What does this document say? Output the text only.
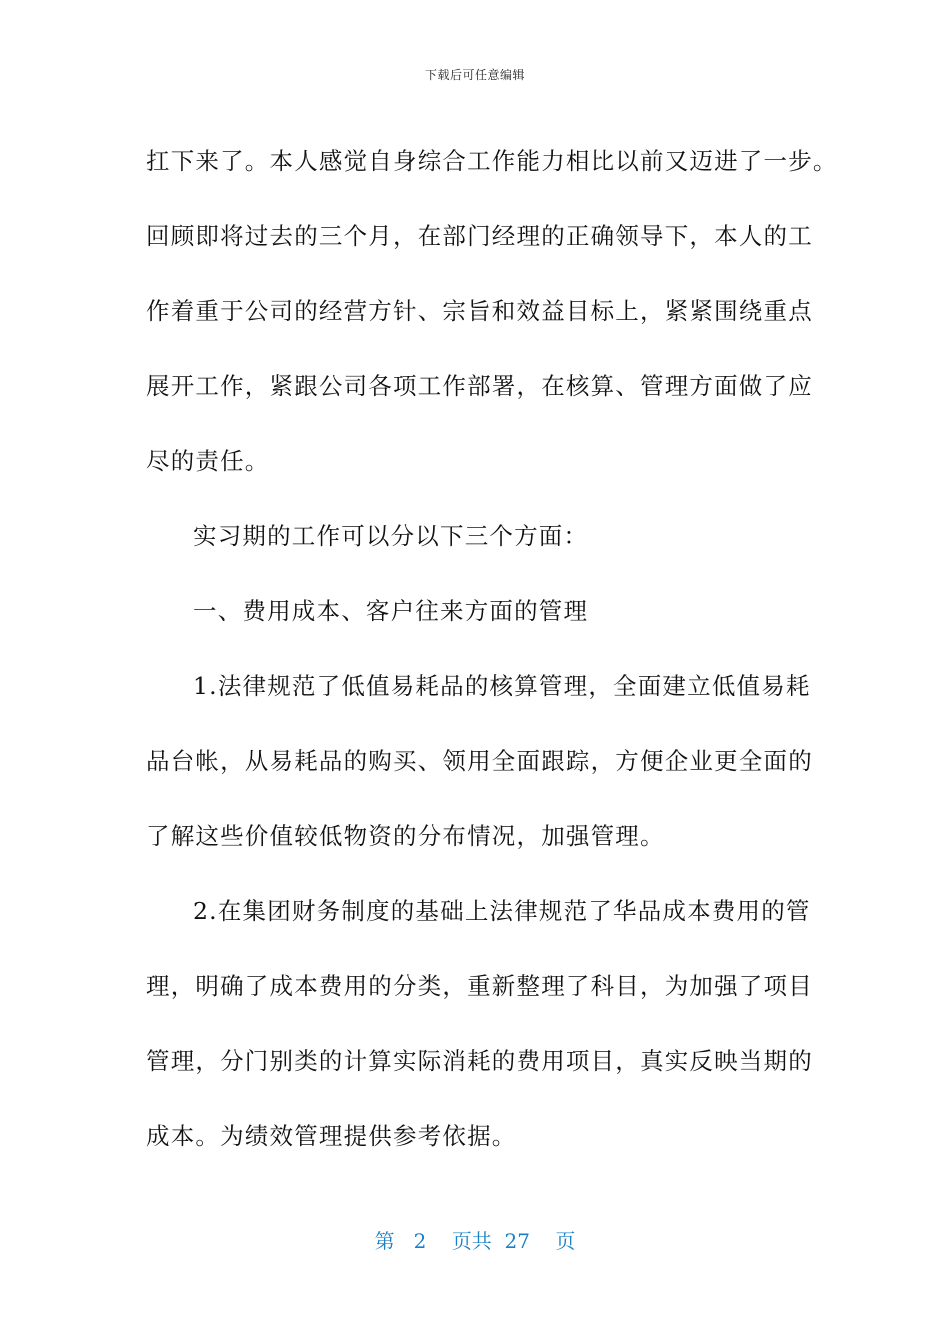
下载后可任意编辑
扛下来了。本人感觉自身综合工作能力相比以前又迈进了一步。
回顾即将过去的三个月，在部门经理的正确领导下，本人的工
作着重于公司的经营方针、宗旨和效益目标上，紧紧围绕重点
展开工作，紧跟公司各项工作部署，在核算、管理方面做了应
尽的责任。
实习期的工作可以分以下三个方面：
一、费用成本、客户往来方面的管理
1.法律规范了低值易耗品的核算管理，全面建立低值易耗
品台帐，从易耗品的购买、领用全面跟踪，方便企业更全面的
了解这些价值较低物资的分布情况，加强管理。
2.在集团财务制度的基础上法律规范了华品成本费用的管
理，明确了成本费用的分类，重新整理了科目，为加强了项目
管理，分门别类的计算实际消耗的费用项目，真实反映当期的
成本。为绩效管理提供参考依据。
第 2 页共 27 页
